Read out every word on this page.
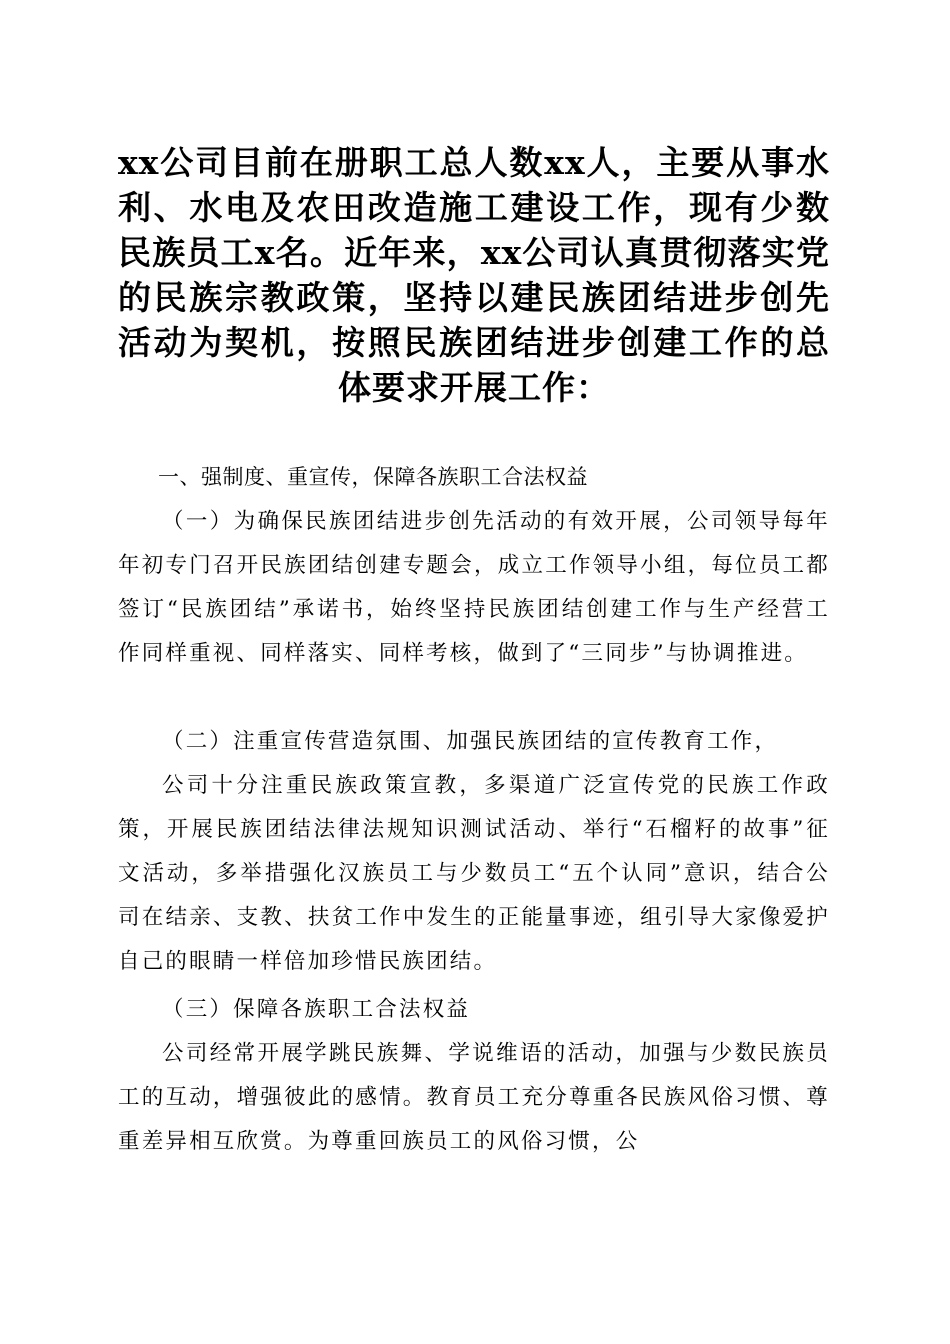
xx公司目前在册职工总人数xx人，主要从事水利、水电及农田改造施工建设工作，现有少数民族员工x名。近年来，xx公司认真贯彻落实党的民族宗教政策，坚持以建民族团结进步创先活动为契机，按照民族团结进步创建工作的总体要求开展工作：

一、强制度、重宣传，保障各族职工合法权益

（一）为确保民族团结进步创先活动的有效开展，公司领导每年年初专门召开民族团结创建专题会，成立工作领导小组，每位员工都签订“民族团结”承诺书，始终坚持民族团结创建工作与生产经营工作同样重视、同样落实、同样考核，做到了“三同步”与协调推进。

（二）注重宣传营造氛围、加强民族团结的宣传教育工作，

公司十分注重民族政策宣教，多渠道广泛宣传党的民族工作政策，开展民族团结法律法规知识测试活动、举行“石榴籽的故事”征文活动，多举措强化汉族员工与少数员工“五个认同”意识，结合公司在结亲、支教、扶贫工作中发生的正能量事迹，组引导大家像爱护自己的眼睛一样倍加珍惜民族团结。

（三）保障各族职工合法权益

公司经常开展学跳民族舞、学说维语的活动，加强与少数民族员工的互动，增强彼此的感情。教育员工充分尊重各民族风俗习惯、尊重差异相互欣赏。为尊重回族员工的风俗习惯，公
